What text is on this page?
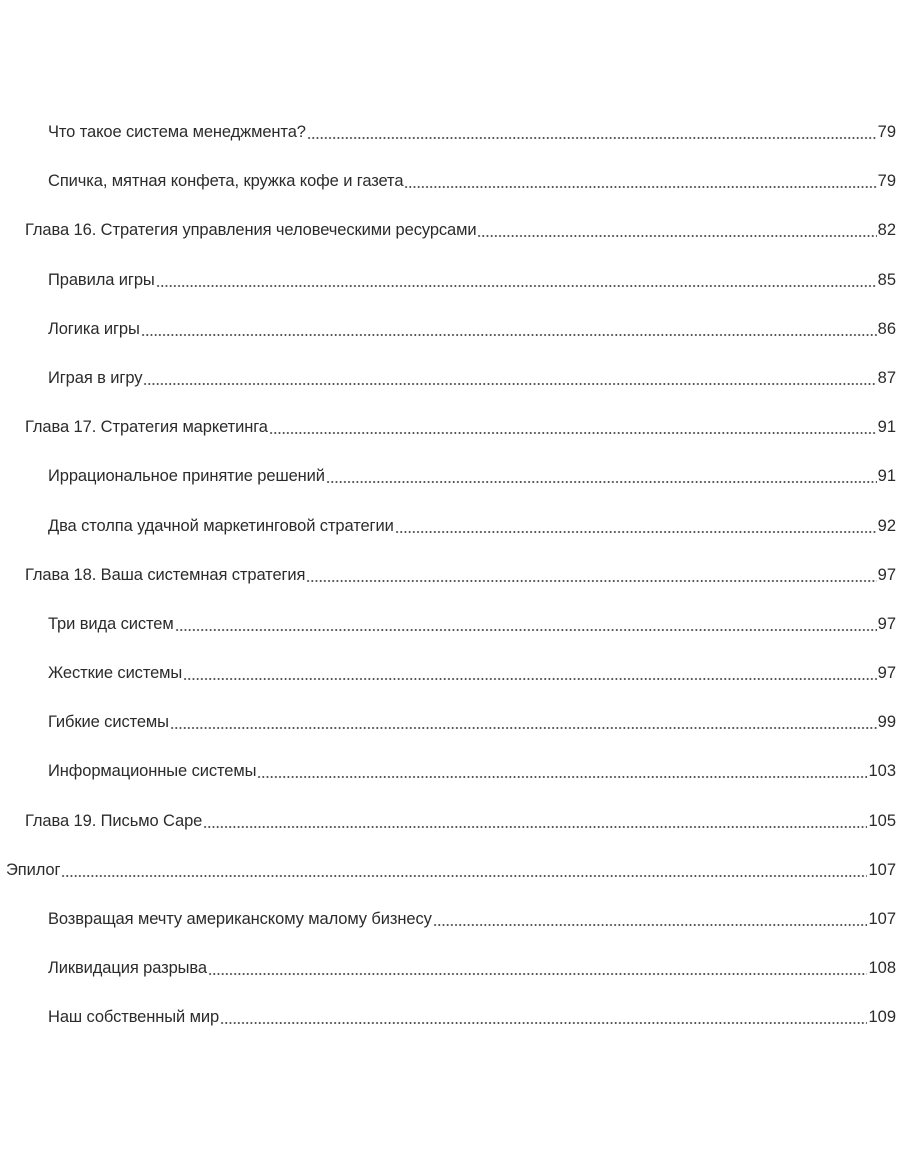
Что такое система менеджмента?	79
Спичка, мятная конфета, кружка кофе и газета	79
Глава 16. Стратегия управления человеческими ресурсами	82
Правила игры	85
Логика игры	86
Играя в игру	87
Глава 17. Стратегия маркетинга	91
Иррациональное принятие решений	91
Два столпа удачной маркетинговой стратегии	92
Глава 18. Ваша системная стратегия	97
Три вида систем	97
Жесткие системы	97
Гибкие системы	99
Информационные системы	103
Глава 19. Письмо Саре	105
Эпилог	107
Возвращая мечту американскому малому бизнесу	107
Ликвидация разрыва	108
Наш собственный мир	109
